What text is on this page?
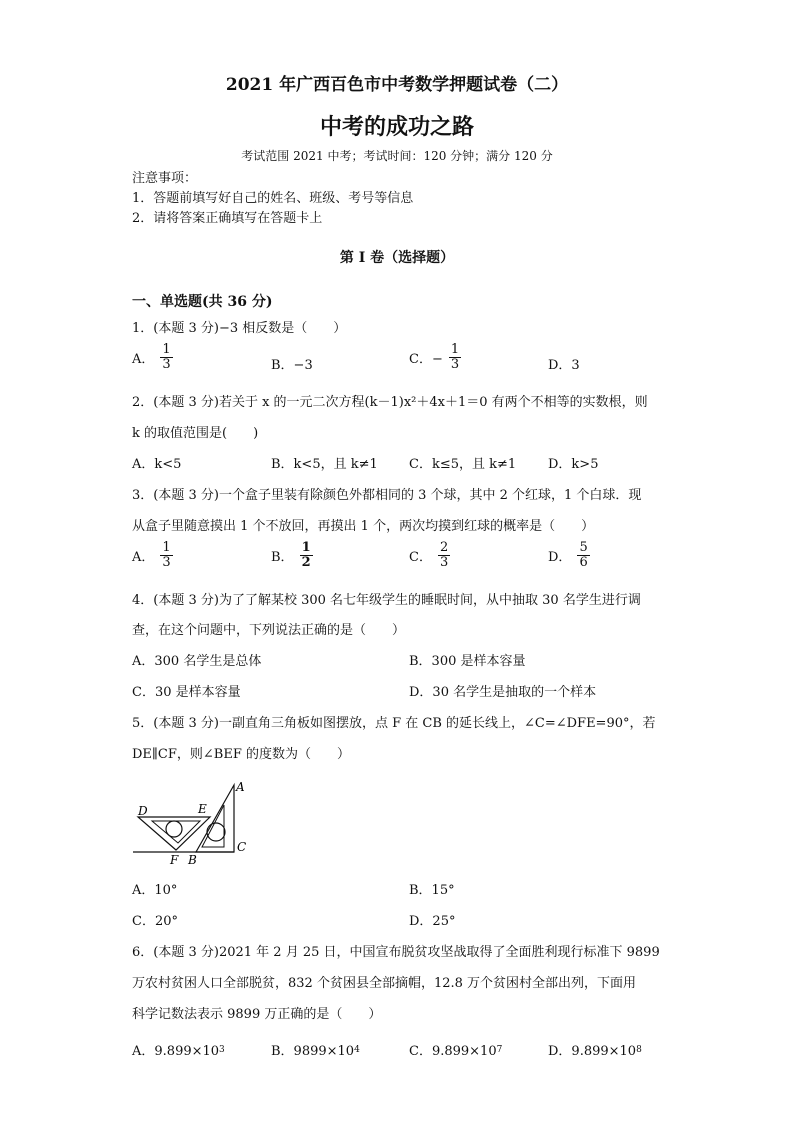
2021 年广西百色市中考数学押题试卷（二）
中考的成功之路
考试范围 2021 中考；考试时间：120 分钟；满分 120 分
注意事项：
1．答题前填写好自己的姓名、班级、考号等信息
2．请将答案正确填写在答题卡上
第 I 卷（选择题）
一、单选题(共 36 分)
1．(本题 3 分)−3 相反数是（　　）
A． $\frac{1}{3}$	B．−3	C．− $\frac{1}{3}$	D．3
2．(本题 3 分)若关于 x 的一元二次方程(k－1)x²＋4x＋1＝0 有两个不相等的实数根，则
k 的取值范围是(　　)
A．k<5	B．k<5，且 k≠1 C．k≤5，且 k≠1 D．k>5
3．(本题 3 分)一个盒子里装有除颜色外都相同的 3 个球，其中 2 个红球，1 个白球．现
从盒子里随意摸出 1 个不放回，再摸出 1 个，两次均摸到红球的概率是（　　）
A． $\frac{1}{3}$	B． $\frac{1}{2}$	C． $\frac{2}{3}$	D． $\frac{5}{6}$
4．(本题 3 分)为了了解某校 300 名七年级学生的睡眠时间，从中抽取 30 名学生进行调
查，在这个问题中，下列说法正确的是（　　）
A．300 名学生是总体	B．300 是样本容量
C．30 是样本容量	D．30 名学生是抽取的一个样本
5．(本题 3 分)一副直角三角板如图摆放，点 F 在 CB 的延长线上，∠C=∠DFE=90°，若
DE∥CF，则∠BEF 的度数为（　　）
A
C
B
F
D	E
A．10°	B．15°
C．20°	D．25°
6．(本题 3 分)2021 年 2 月 25 日，中国宣布脱贫攻坚战取得了全面胜利现行标准下 9899
万农村贫困人口全部脱贫，832 个贫困县全部摘帽，12.8 万个贫困村全部出列，下面用
科学记数法表示 9899 万正确的是（　　）
A．9.899×10 3	B．9899×10 4	C．9.899×10 7	D．9.899×10 8
